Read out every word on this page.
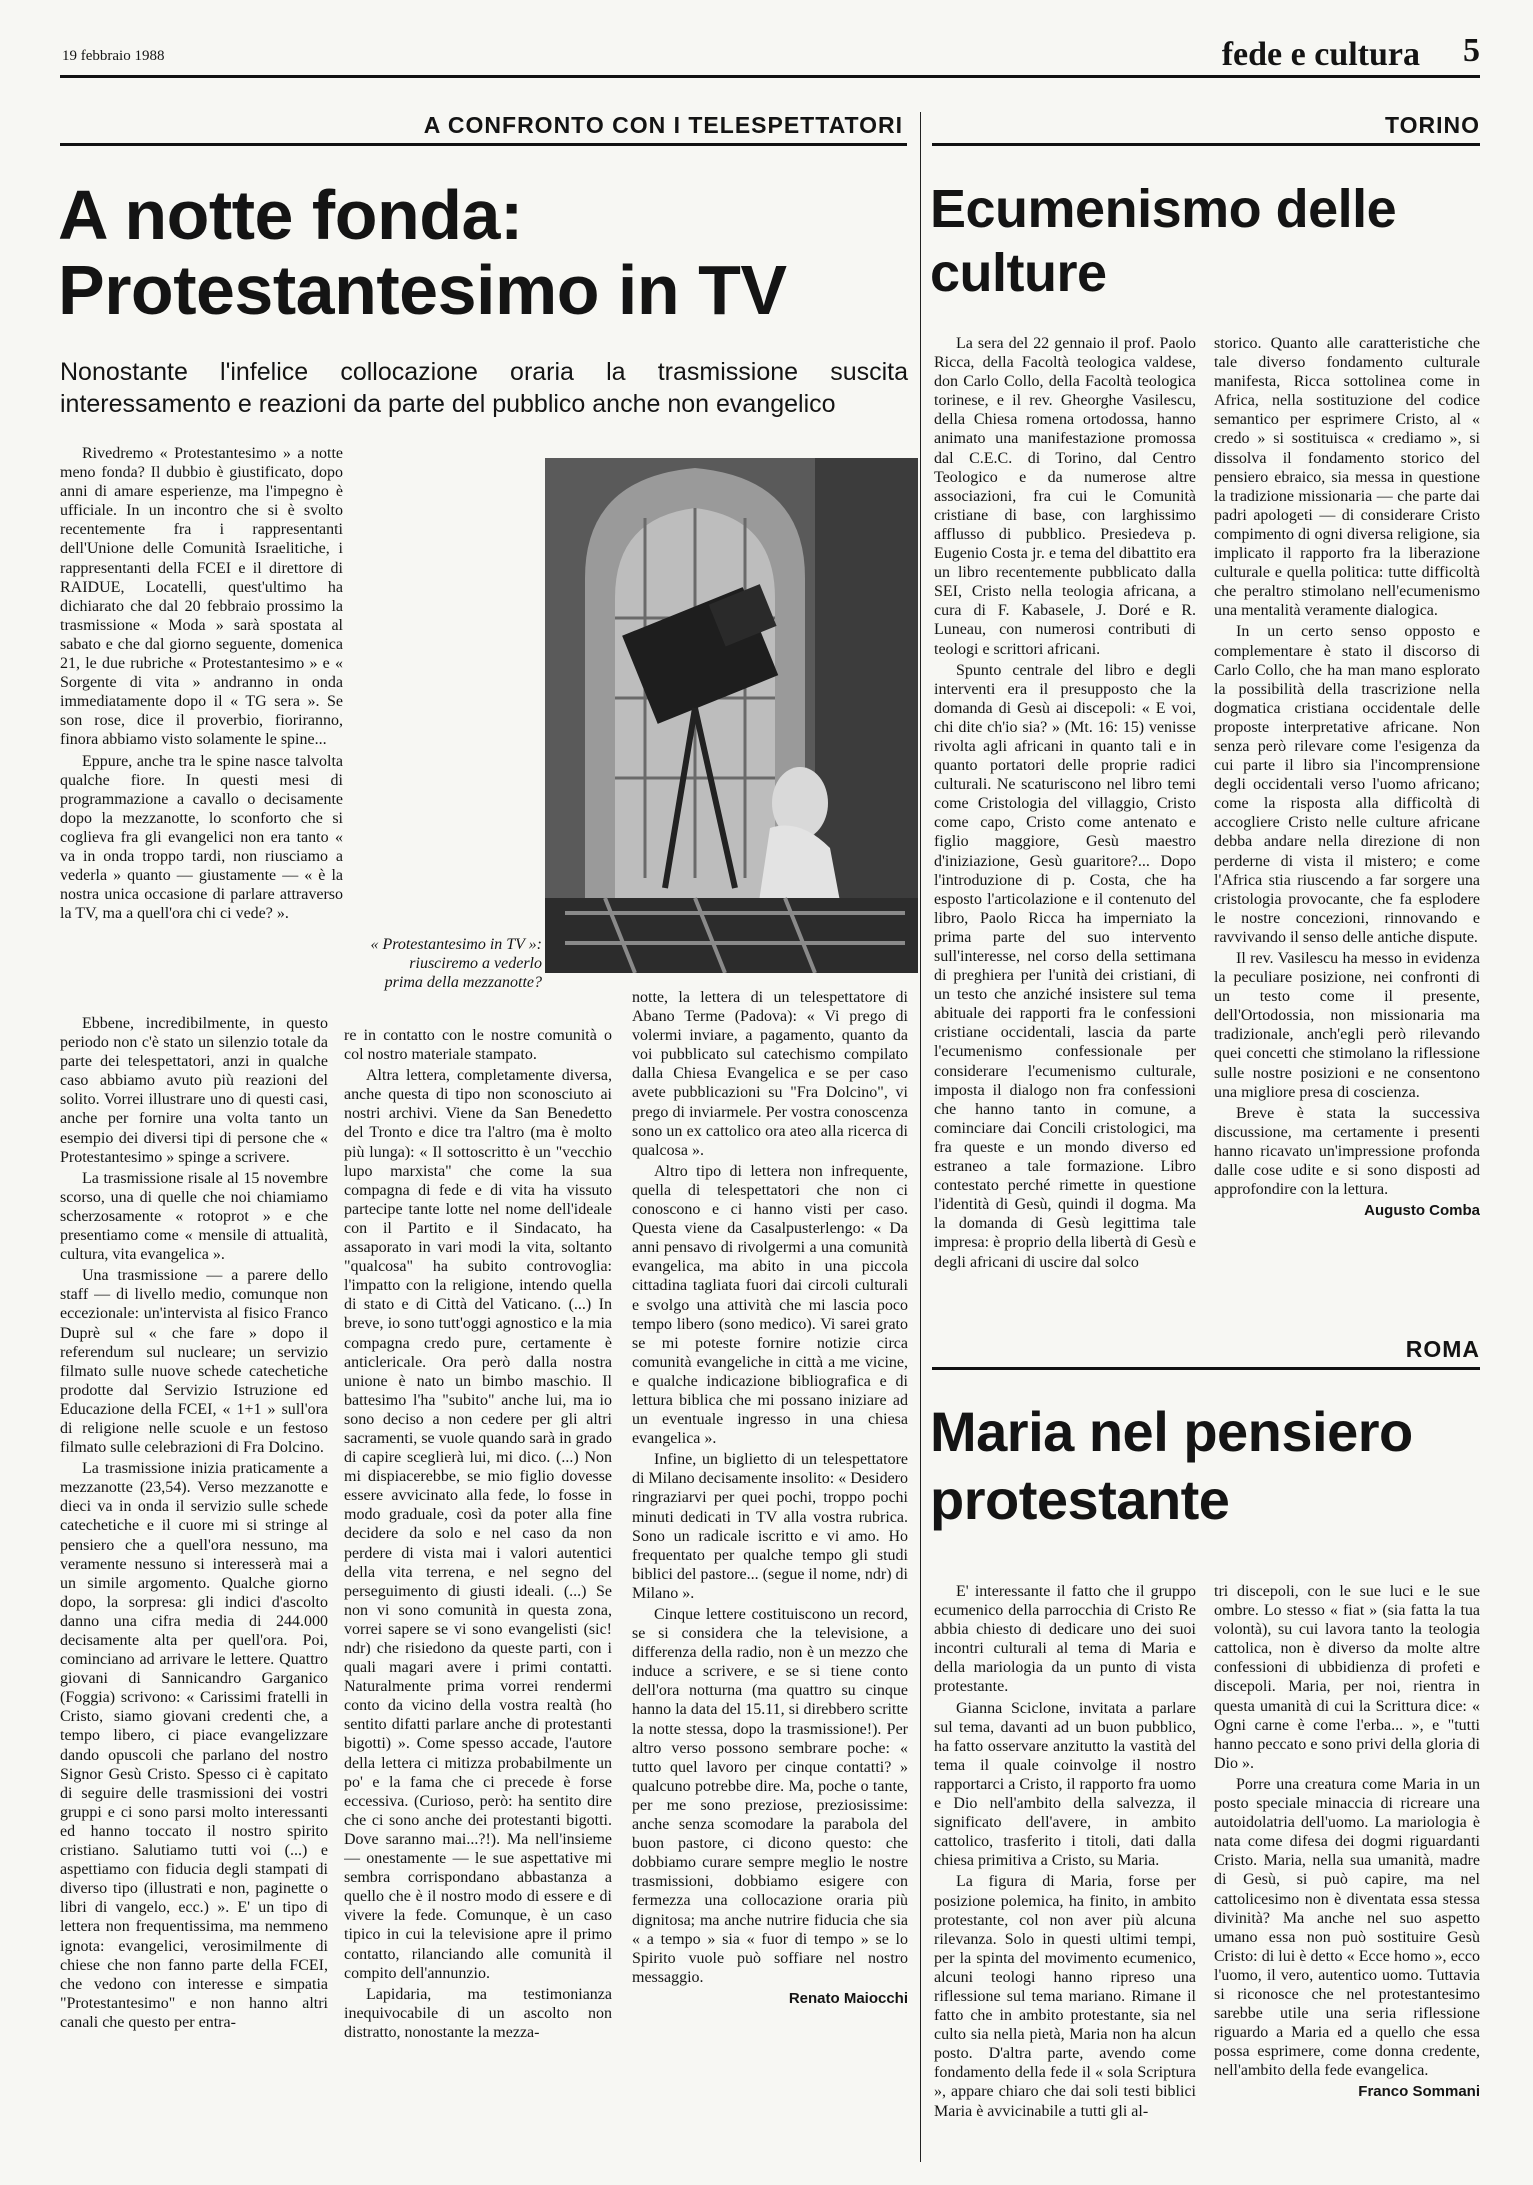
19 febbraio 1988	fede e cultura 5
A CONFRONTO CON I TELESPETTATORI	TORINO
A notte fonda: Protestantesimo in TV
Nonostante l'infelice collocazione oraria la trasmissione suscita interessamento e reazioni da parte del pubblico anche non evangelico

Rivedremo « Protestantesimo » a notte meno fonda? Il dubbio è giustificato, dopo anni di amare esperienze, ma l'impegno è ufficiale. In un incontro che si è svolto recentemente fra i rappresentanti dell'Unione delle Comunità Israelitiche, i rappresentanti della FCEI e il direttore di RAIDUE, Locatelli, quest'ultimo ha dichiarato che dal 20 febbraio prossimo la trasmissione « Moda » sarà spostata al sabato e che dal giorno seguente, domenica 21, le due rubriche « Protestantesimo » e « Sorgente di vita » andranno in onda immediatamente dopo il « TG sera ». Se son rose, dice il proverbio, fioriranno, finora abbiamo visto solamente le spine...

Eppure, anche tra le spine nasce talvolta qualche fiore. In questi mesi di programmazione a cavallo o decisamente dopo la mezzanotte, lo sconforto che si coglieva fra gli evangelici non era tanto « va in onda troppo tardi, non riusciamo a vederla » quanto — giustamente — « è la nostra unica occasione di parlare attraverso la TV, ma a quell'ora chi ci vede? ».

« Protestantesimo in TV »: riusciremo a vederlo prima della mezzanotte?

Ebbene, incredibilmente, in questo periodo non c'è stato un silenzio totale da parte dei telespettatori, anzi in qualche caso abbiamo avuto più reazioni del solito. Vorrei illustrare uno di questi casi, anche per fornire una volta tanto un esempio dei diversi tipi di persone che « Protestantesimo » spinge a scrivere.

La trasmissione risale al 15 novembre scorso, una di quelle che noi chiamiamo scherzosamente « rotoprot » e che presentiamo come « mensile di attualità, cultura, vita evangelica ».

Una trasmissione — a parere dello staff — di livello medio, comunque non eccezionale: un'intervista al fisico Franco Duprè sul « che fare » dopo il referendum sul nucleare; un servizio filmato sulle nuove schede catechetiche prodotte dal Servizio Istruzione ed Educazione della FCEI, « 1+1 » sull'ora di religione nelle scuole e un festoso filmato sulle celebrazioni di Fra Dolcino.

La trasmissione inizia praticamente a mezzanotte (23,54). Verso mezzanotte e dieci va in onda il servizio sulle schede catechetiche e il cuore mi si stringe al pensiero che a quell'ora nessuno, ma veramente nessuno si interesserà mai a un simile argomento. Qualche giorno dopo, la sorpresa: gli indici d'ascolto danno una cifra media di 244.000 decisamente alta per quell'ora. Poi, cominciano ad arrivare le lettere. Quattro giovani di Sannicandro Garganico (Foggia) scrivono: « Carissimi fratelli in Cristo, siamo giovani credenti che, a tempo libero, ci piace evangelizzare dando opuscoli che parlano del nostro Signor Gesù Cristo. Spesso ci è capitato di seguire delle trasmissioni dei vostri gruppi e ci sono parsi molto interessanti ed hanno toccato il nostro spirito cristiano. Salutiamo tutti voi (...) e aspettiamo con fiducia degli stampati di diverso tipo (illustrati e non, paginette o libri di vangelo, ecc.) ». E' un tipo di lettera non frequentissima, ma nemmeno ignota: evangelici, verosimilmente di chiese che non fanno parte della FCEI, che vedono con interesse e simpatia "Protestantesimo" e non hanno altri canali che questo per entra-

re in contatto con le nostre comunità o col nostro materiale stampato.

Altra lettera, completamente diversa, anche questa di tipo non sconosciuto ai nostri archivi. Viene da San Benedetto del Tronto e dice tra l'altro (ma è molto più lunga): « Il sottoscritto è un "vecchio lupo marxista" che come la sua compagna di fede e di vita ha vissuto partecipe tante lotte nel nome dell'ideale con il Partito e il Sindacato, ha assaporato in vari modi la vita, soltanto "qualcosa" ha subito controvoglia: l'impatto con la religione, intendo quella di stato e di Città del Vaticano. (...) In breve, io sono tutt'oggi agnostico e la mia compagna credo pure, certamente è anticlericale. Ora però dalla nostra unione è nato un bimbo maschio. Il battesimo l'ha "subito" anche lui, ma io sono deciso a non cedere per gli altri sacramenti, se vuole quando sarà in grado di capire sceglierà lui, mi dico. (...) Non mi dispiacerebbe, se mio figlio dovesse essere avvicinato alla fede, lo fosse in modo graduale, così da poter alla fine decidere da solo e nel caso da non perdere di vista mai i valori autentici della vita terrena, e nel segno del perseguimento di giusti ideali. (...) Se non vi sono comunità in questa zona, vorrei sapere se vi sono evangelisti (sic! ndr) che risiedono da queste parti, con i quali magari avere i primi contatti. Naturalmente prima vorrei rendermi conto da vicino della vostra realtà (ho sentito difatti parlare anche di protestanti bigotti) ». Come spesso accade, l'autore della lettera ci mitizza probabilmente un po' e la fama che ci precede è forse eccessiva. (Curioso, però: ha sentito dire che ci sono anche dei protestanti bigotti. Dove saranno mai...?!). Ma nell'insieme — onestamente — le sue aspettative mi sembra corrispondano abbastanza a quello che è il nostro modo di essere e di vivere la fede. Comunque, è un caso tipico in cui la televisione apre il primo contatto, rilanciando alle comunità il compito dell'annunzio.

Lapidaria, ma testimonianza inequivocabile di un ascolto non distratto, nonostante la mezza-

notte, la lettera di un telespettatore di Abano Terme (Padova): « Vi prego di volermi inviare, a pagamento, quanto da voi pubblicato sul catechismo compilato dalla Chiesa Evangelica e se per caso avete pubblicazioni su "Fra Dolcino", vi prego di inviarmele. Per vostra conoscenza sono un ex cattolico ora ateo alla ricerca di qualcosa ».

Altro tipo di lettera non infrequente, quella di telespettatori che non ci conoscono e ci hanno visti per caso. Questa viene da Casalpusterlengo: « Da anni pensavo di rivolgermi a una comunità evangelica, ma abito in una piccola cittadina tagliata fuori dai circoli culturali e svolgo una attività che mi lascia poco tempo libero (sono medico). Vi sarei grato se mi poteste fornire notizie circa comunità evangeliche in città a me vicine, e qualche indicazione bibliografica e di lettura biblica che mi possano iniziare ad un eventuale ingresso in una chiesa evangelica ».

Infine, un biglietto di un telespettatore di Milano decisamente insolito: « Desidero ringraziarvi per quei pochi, troppo pochi minuti dedicati in TV alla vostra rubrica. Sono un radicale iscritto e vi amo. Ho frequentato per qualche tempo gli studi biblici del pastore... (segue il nome, ndr) di Milano ».

Cinque lettere costituiscono un record, se si considera che la televisione, a differenza della radio, non è un mezzo che induce a scrivere, e se si tiene conto dell'ora notturna (ma quattro su cinque hanno la data del 15.11, si direbbero scritte la notte stessa, dopo la trasmissione!). Per altro verso possono sembrare poche: « tutto quel lavoro per cinque contatti? » qualcuno potrebbe dire. Ma, poche o tante, per me sono preziose, preziosissime: anche senza scomodare la parabola del buon pastore, ci dicono questo: che dobbiamo curare sempre meglio le nostre trasmissioni, dobbiamo esigere con fermezza una collocazione oraria più dignitosa; ma anche nutrire fiducia che sia « a tempo » sia « fuor di tempo » se lo Spirito vuole può soffiare nel nostro messaggio.

Renato Maiocchi

Ecumenismo delle culture

La sera del 22 gennaio il prof. Paolo Ricca, della Facoltà teologica valdese, don Carlo Collo, della Facoltà teologica torinese, e il rev. Gheorghe Vasilescu, della Chiesa romena ortodossa, hanno animato una manifestazione promossa dal C.E.C. di Torino, dal Centro Teologico e da numerose altre associazioni, fra cui le Comunità cristiane di base, con larghissimo afflusso di pubblico. Presiedeva p. Eugenio Costa jr. e tema del dibattito era un libro recentemente pubblicato dalla SEI, Cristo nella teologia africana, a cura di F. Kabasele, J. Doré e R. Luneau, con numerosi contributi di teologi e scrittori africani.

Spunto centrale del libro e degli interventi era il presupposto che la domanda di Gesù ai discepoli: « E voi, chi dite ch'io sia? » (Mt. 16: 15) venisse rivolta agli africani in quanto tali e in quanto portatori delle proprie radici culturali. Ne scaturiscono nel libro temi come Cristologia del villaggio, Cristo come capo, Cristo come antenato e figlio maggiore, Gesù maestro d'iniziazione, Gesù guaritore?... Dopo l'introduzione di p. Costa, che ha esposto l'articolazione e il contenuto del libro, Paolo Ricca ha imperniato la prima parte del suo intervento sull'interesse, nel corso della settimana di preghiera per l'unità dei cristiani, di un testo che anziché insistere sul tema abituale dei rapporti fra le confessioni cristiane occidentali, lascia da parte l'ecumenismo confessionale per considerare l'ecumenismo culturale, imposta il dialogo non fra confessioni che hanno tanto in comune, a cominciare dai Concili cristologici, ma fra queste e un mondo diverso ed estraneo a tale formazione. Libro contestato perché rimette in questione l'identità di Gesù, quindi il dogma. Ma la domanda di Gesù legittima tale impresa: è proprio della libertà di Gesù e degli africani di uscire dal solco

storico. Quanto alle caratteristiche che tale diverso fondamento culturale manifesta, Ricca sottolinea come in Africa, nella sostituzione del codice semantico per esprimere Cristo, al « credo » si sostituisca « crediamo », si dissolva il fondamento storico del pensiero ebraico, sia messa in questione la tradizione missionaria — che parte dai padri apologeti — di considerare Cristo compimento di ogni diversa religione, sia implicato il rapporto fra la liberazione culturale e quella politica: tutte difficoltà che peraltro stimolano nell'ecumenismo una mentalità veramente dialogica.

In un certo senso opposto e complementare è stato il discorso di Carlo Collo, che ha man mano esplorato la possibilità della trascrizione nella dogmatica cristiana occidentale delle proposte interpretative africane. Non senza però rilevare come l'esigenza da cui parte il libro sia l'incomprensione degli occidentali verso l'uomo africano; come la risposta alla difficoltà di accogliere Cristo nelle culture africane debba andare nella direzione di non perderne di vista il mistero; e come l'Africa stia riuscendo a far sorgere una cristologia provocante, che fa esplodere le nostre concezioni, rinnovando e ravvivando il senso delle antiche dispute.

Il rev. Vasilescu ha messo in evidenza la peculiare posizione, nei confronti di un testo come il presente, dell'Ortodossia, non missionaria ma tradizionale, anch'egli però rilevando quei concetti che stimolano la riflessione sulle nostre posizioni e ne consentono una migliore presa di coscienza.

Breve è stata la successiva discussione, ma certamente i presenti hanno ricavato un'impressione profonda dalle cose udite e si sono disposti ad approfondire con la lettura.

Augusto Comba

ROMA
Maria nel pensiero protestante

E' interessante il fatto che il gruppo ecumenico della parrocchia di Cristo Re abbia chiesto di dedicare uno dei suoi incontri culturali al tema di Maria e della mariologia da un punto di vista protestante.

Gianna Sciclone, invitata a parlare sul tema, davanti ad un buon pubblico, ha fatto osservare anzitutto la vastità del tema il quale coinvolge il nostro rapportarci a Cristo, il rapporto fra uomo e Dio nell'ambito della salvezza, il significato dell'avere, in ambito cattolico, trasferito i titoli, dati dalla chiesa primitiva a Cristo, su Maria.

La figura di Maria, forse per posizione polemica, ha finito, in ambito protestante, col non aver più alcuna rilevanza. Solo in questi ultimi tempi, per la spinta del movimento ecumenico, alcuni teologi hanno ripreso una riflessione sul tema mariano. Rimane il fatto che in ambito protestante, sia nel culto sia nella pietà, Maria non ha alcun posto. D'altra parte, avendo come fondamento della fede il « sola Scriptura », appare chiaro che dai soli testi biblici Maria è avvicinabile a tutti gli al-

tri discepoli, con le sue luci e le sue ombre. Lo stesso « fiat » (sia fatta la tua volontà), su cui lavora tanto la teologia cattolica, non è diverso da molte altre confessioni di ubbidienza di profeti e discepoli. Maria, per noi, rientra in questa umanità di cui la Scrittura dice: « Ogni carne è come l'erba... », e "tutti hanno peccato e sono privi della gloria di Dio ».

Porre una creatura come Maria in un posto speciale minaccia di ricreare una autoidolatria dell'uomo. La mariologia è nata come difesa dei dogmi riguardanti Cristo. Maria, nella sua umanità, madre di Gesù, si può capire, ma nel cattolicesimo non è diventata essa stessa divinità? Ma anche nel suo aspetto umano essa non può sostituire Gesù Cristo: di lui è detto « Ecce homo », ecco l'uomo, il vero, autentico uomo. Tuttavia si riconosce che nel protestantesimo sarebbe utile una seria riflessione riguardo a Maria ed a quello che essa possa esprimere, come donna credente, nell'ambito della fede evangelica.

Franco Sommani
